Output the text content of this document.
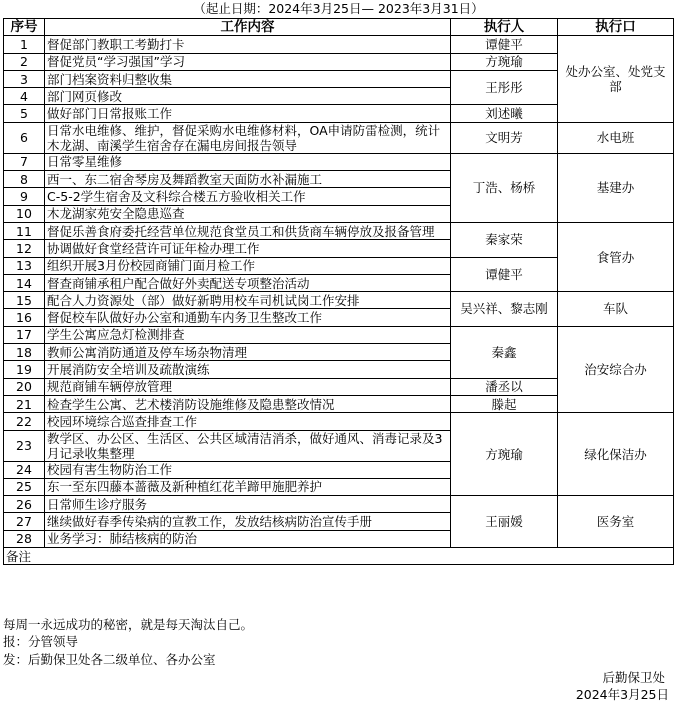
（起止日期：2024年3月25日— 2023年3月31日）
序号	工作内容	执行人	执行口
1	督促部门教职工考勤打卡	谭健平	处办公室、处党支部
2	督促党员“学习强国”学习	方琬瑜	
3	部门档案资料归整收集	王彤彤	
4	部门网页修改		
5	做好部门日常报账工作	刘述曦	
6	日常水电维修、维护，督促采购水电维修材料，OA申请防雷检测，统计木龙湖、南溪学生宿舍存在漏电房间报告领导	文明芳	水电班
7	日常零星维修	丁浩、杨桥	基建办
8	西一、东二宿舍琴房及舞蹈教室天面防水补漏施工		
9	C-5-2学生宿舍及文科综合楼五方验收相关工作		
10	木龙湖家苑安全隐患巡查		
11	督促乐善食府委托经营单位规范食堂员工和供货商车辆停放及报备管理	秦家荣	食管办
12	协调做好食堂经营许可证年检办理工作		
13	组织开展3月份校园商铺门面月检工作	谭健平	
14	督查商铺承租户配合做好外卖配送专项整治活动		
15	配合人力资源处（部）做好新聘用校车司机试岗工作安排	吴兴祥、黎志刚	车队
16	督促校车队做好办公室和通勤车内务卫生整改工作		
17	学生公寓应急灯检测排查	秦鑫	治安综合办
18	教师公寓消防通道及停车场杂物清理		
19	开展消防安全培训及疏散演练		
20	规范商铺车辆停放管理	潘丞以	
21	检查学生公寓、艺术楼消防设施维修及隐患整改情况	滕起	
22	校园环境综合巡查排查工作	方琬瑜	绿化保洁办
23	教学区、办公区、生活区、公共区域清洁消杀，做好通风、消毒记录及3月记录收集整理		
24	校园有害生物防治工作		
25	东一至东四藤本蔷薇及新种植红花羊蹄甲施肥养护		
26	日常师生诊疗服务	王丽媛	医务室
27	继续做好春季传染病的宣教工作，发放结核病防治宣传手册		
28	业务学习：肺结核病的防治		
备注			
每周一永远成功的秘密，就是每天淘汰自己。
报：分管领导
发：后勤保卫处各二级单位、各办公室
后勤保卫处
2024年3月25日
